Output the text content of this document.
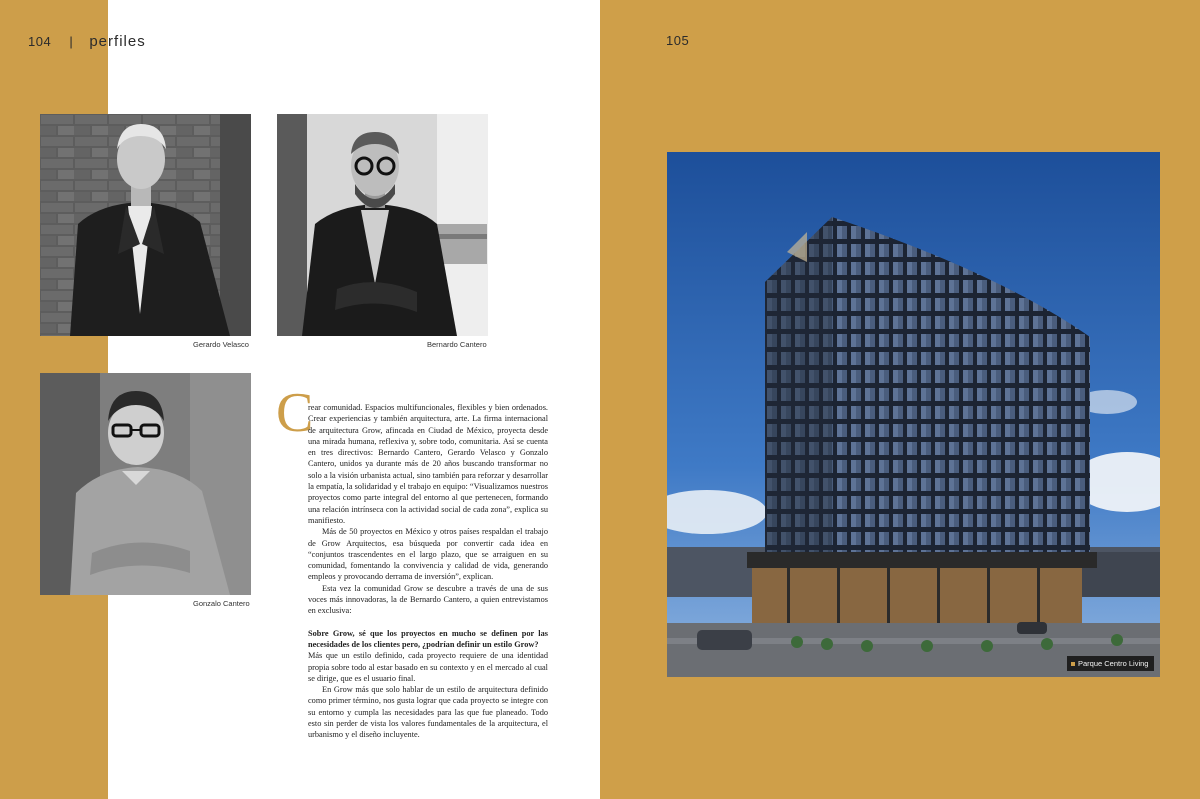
104 | perfiles
Gerardo Velasco	Bernardo Cantero
Gonzalo Cantero
C

rear comunidad. Espacios multifuncionales, flexibles y bien ordenados. Crear experiencias y también arquitectura, arte. La firma internacional de arquitectura Grow, afincada en Ciudad de México, proyecta desde una mirada humana, reflexiva y, sobre todo, comunitaria. Así se cuenta en tres directivos: Bernardo Cantero, Gerardo Velasco y Gonzalo Cantero, unidos ya durante más de 20 años buscando transformar no solo a la visión urbanista actual, sino también para reforzar y desarrollar la empatía, la solidaridad y el trabajo en equipo: “Visualizamos nuestros proyectos como parte integral del entorno al que pertenecen, formando una relación intrínseca con la actividad social de cada zona”, explica su manifiesto.

Más de 50 proyectos en México y otros países respaldan el trabajo de Grow Arquitectos, esa búsqueda por convertir cada idea en “conjuntos trascendentes en el largo plazo, que se arraiguen en su comunidad, fomentando la convivencia y calidad de vida, generando empleos y provocando derrama de inversión”, explican.

Esta vez la comunidad Grow se descubre a través de una de sus voces más innovadoras, la de Bernardo Cantero, a quien entrevistamos en exclusiva:

Sobre Grow, sé que los proyectos en mucho se definen por las necesidades de los clientes pero, ¿podrían definir un estilo Grow?

Más que un estilo definido, cada proyecto requiere de una identidad propia sobre todo al estar basado en su contexto y en el mercado al cual se dirige, que es el usuario final.

En Grow más que solo hablar de un estilo de arquitectura definido como primer término, nos gusta lograr que cada proyecto se integre con su entorno y cumpla las necesidades para las que fue planeado. Todo esto sin perder de vista los valores fundamentales de la arquitectura, el urbanismo y el diseño incluyente.

105
Parque Centro Living
